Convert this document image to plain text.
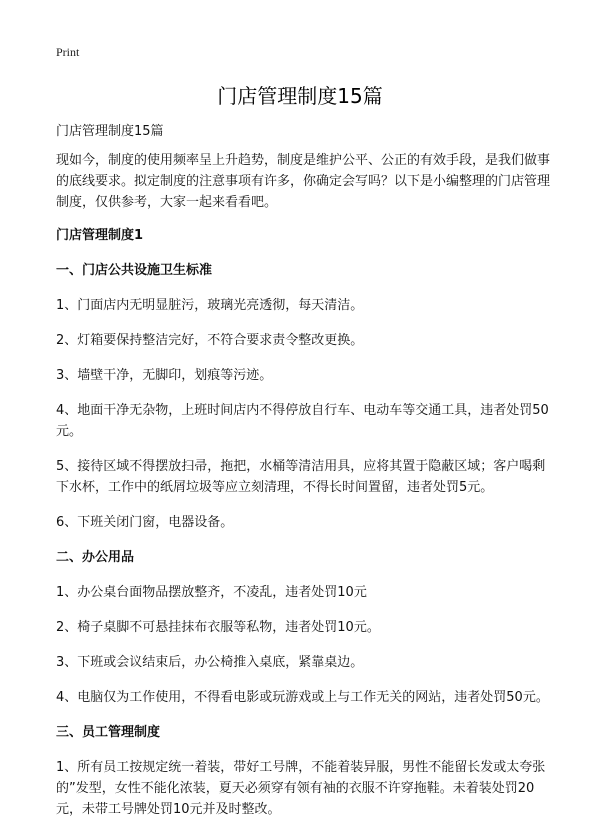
Print
门店管理制度15篇

门店管理制度15篇

现如今，制度的使用频率呈上升趋势，制度是维护公平、公正的有效手段，是我们做事的底线要求。拟定制度的注意事项有许多，你确定会写吗？以下是小编整理的门店管理制度，仅供参考，大家一起来看看吧。

门店管理制度1

一、门店公共设施卫生标准

1、门面店内无明显脏污，玻璃光亮透彻，每天清洁。

2、灯箱要保持整洁完好，不符合要求责令整改更换。

3、墙壁干净，无脚印，划痕等污迹。

4、地面干净无杂物，上班时间店内不得停放自行车、电动车等交通工具，违者处罚50元。

5、接待区域不得摆放扫帚，拖把，水桶等清洁用具，应将其置于隐蔽区域；客户喝剩下水杯，工作中的纸屑垃圾等应立刻清理，不得长时间置留，违者处罚5元。

6、下班关闭门窗，电器设备。

二、办公用品

1、办公桌台面物品摆放整齐，不凌乱，违者处罚10元

2、椅子桌脚不可悬挂抹布衣服等私物，违者处罚10元。

3、下班或会议结束后，办公椅推入桌底，紧靠桌边。

4、电脑仅为工作使用，不得看电影或玩游戏或上与工作无关的网站，违者处罚50元。

三、员工管理制度

1、所有员工按规定统一着装，带好工号牌，不能着装异服，男性不能留长发或太夸张的”发型，女性不能化浓装，夏天必须穿有领有袖的衣服不许穿拖鞋。未着装处罚20元，未带工号牌处罚10元并及时整改。
